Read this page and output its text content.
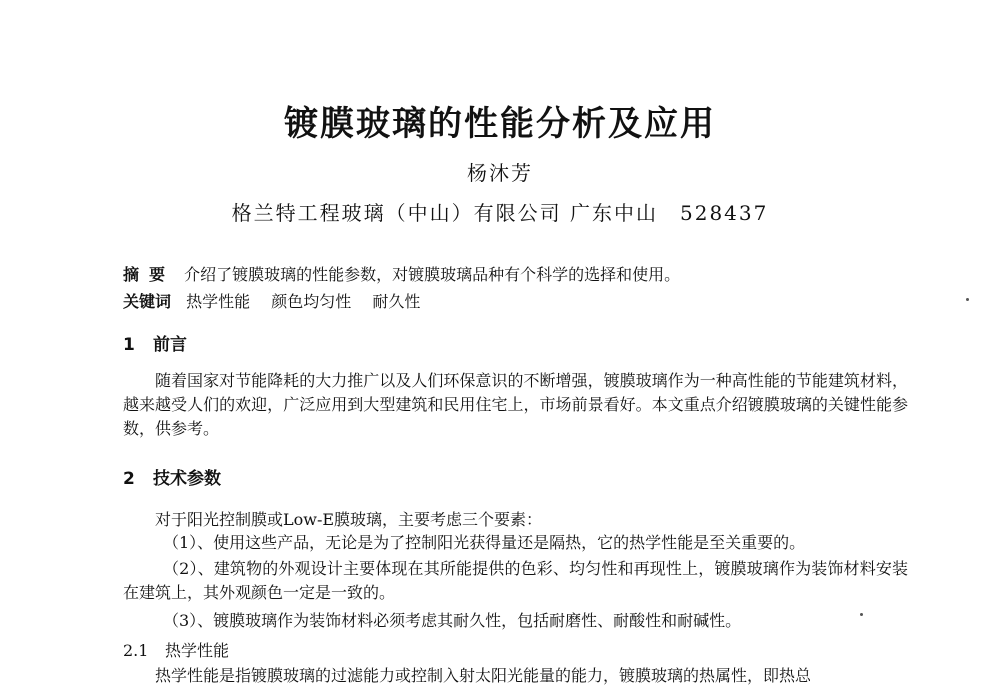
镀膜玻璃的性能分析及应用
杨沐芳
格兰特工程玻璃（中山）有限公司 广东中山　528437
摘要 介绍了镀膜玻璃的性能参数，对镀膜玻璃品种有个科学的选择和使用。
关键词 热学性能 颜色均匀性 耐久性
1 前言
随着国家对节能降耗的大力推广以及人们环保意识的不断增强，镀膜玻璃作为一种高性能的节能建筑材料，越来越受人们的欢迎，广泛应用到大型建筑和民用住宅上，市场前景看好。本文重点介绍镀膜玻璃的关键性能参数，供参考。
2 技术参数
对于阳光控制膜或Low-E膜玻璃，主要考虑三个要素：
（1）、使用这些产品，无论是为了控制阳光获得量还是隔热，它的热学性能是至关重要的。
（2）、建筑物的外观设计主要体现在其所能提供的色彩、均匀性和再现性上，镀膜玻璃作为装饰材料安装在建筑上，其外观颜色一定是一致的。
（3）、镀膜玻璃作为装饰材料必须考虑其耐久性，包括耐磨性、耐酸性和耐碱性。
2.1 热学性能
热学性能是指镀膜玻璃的过滤能力或控制入射太阳光能量的能力，镀膜玻璃的热属性，即热总
